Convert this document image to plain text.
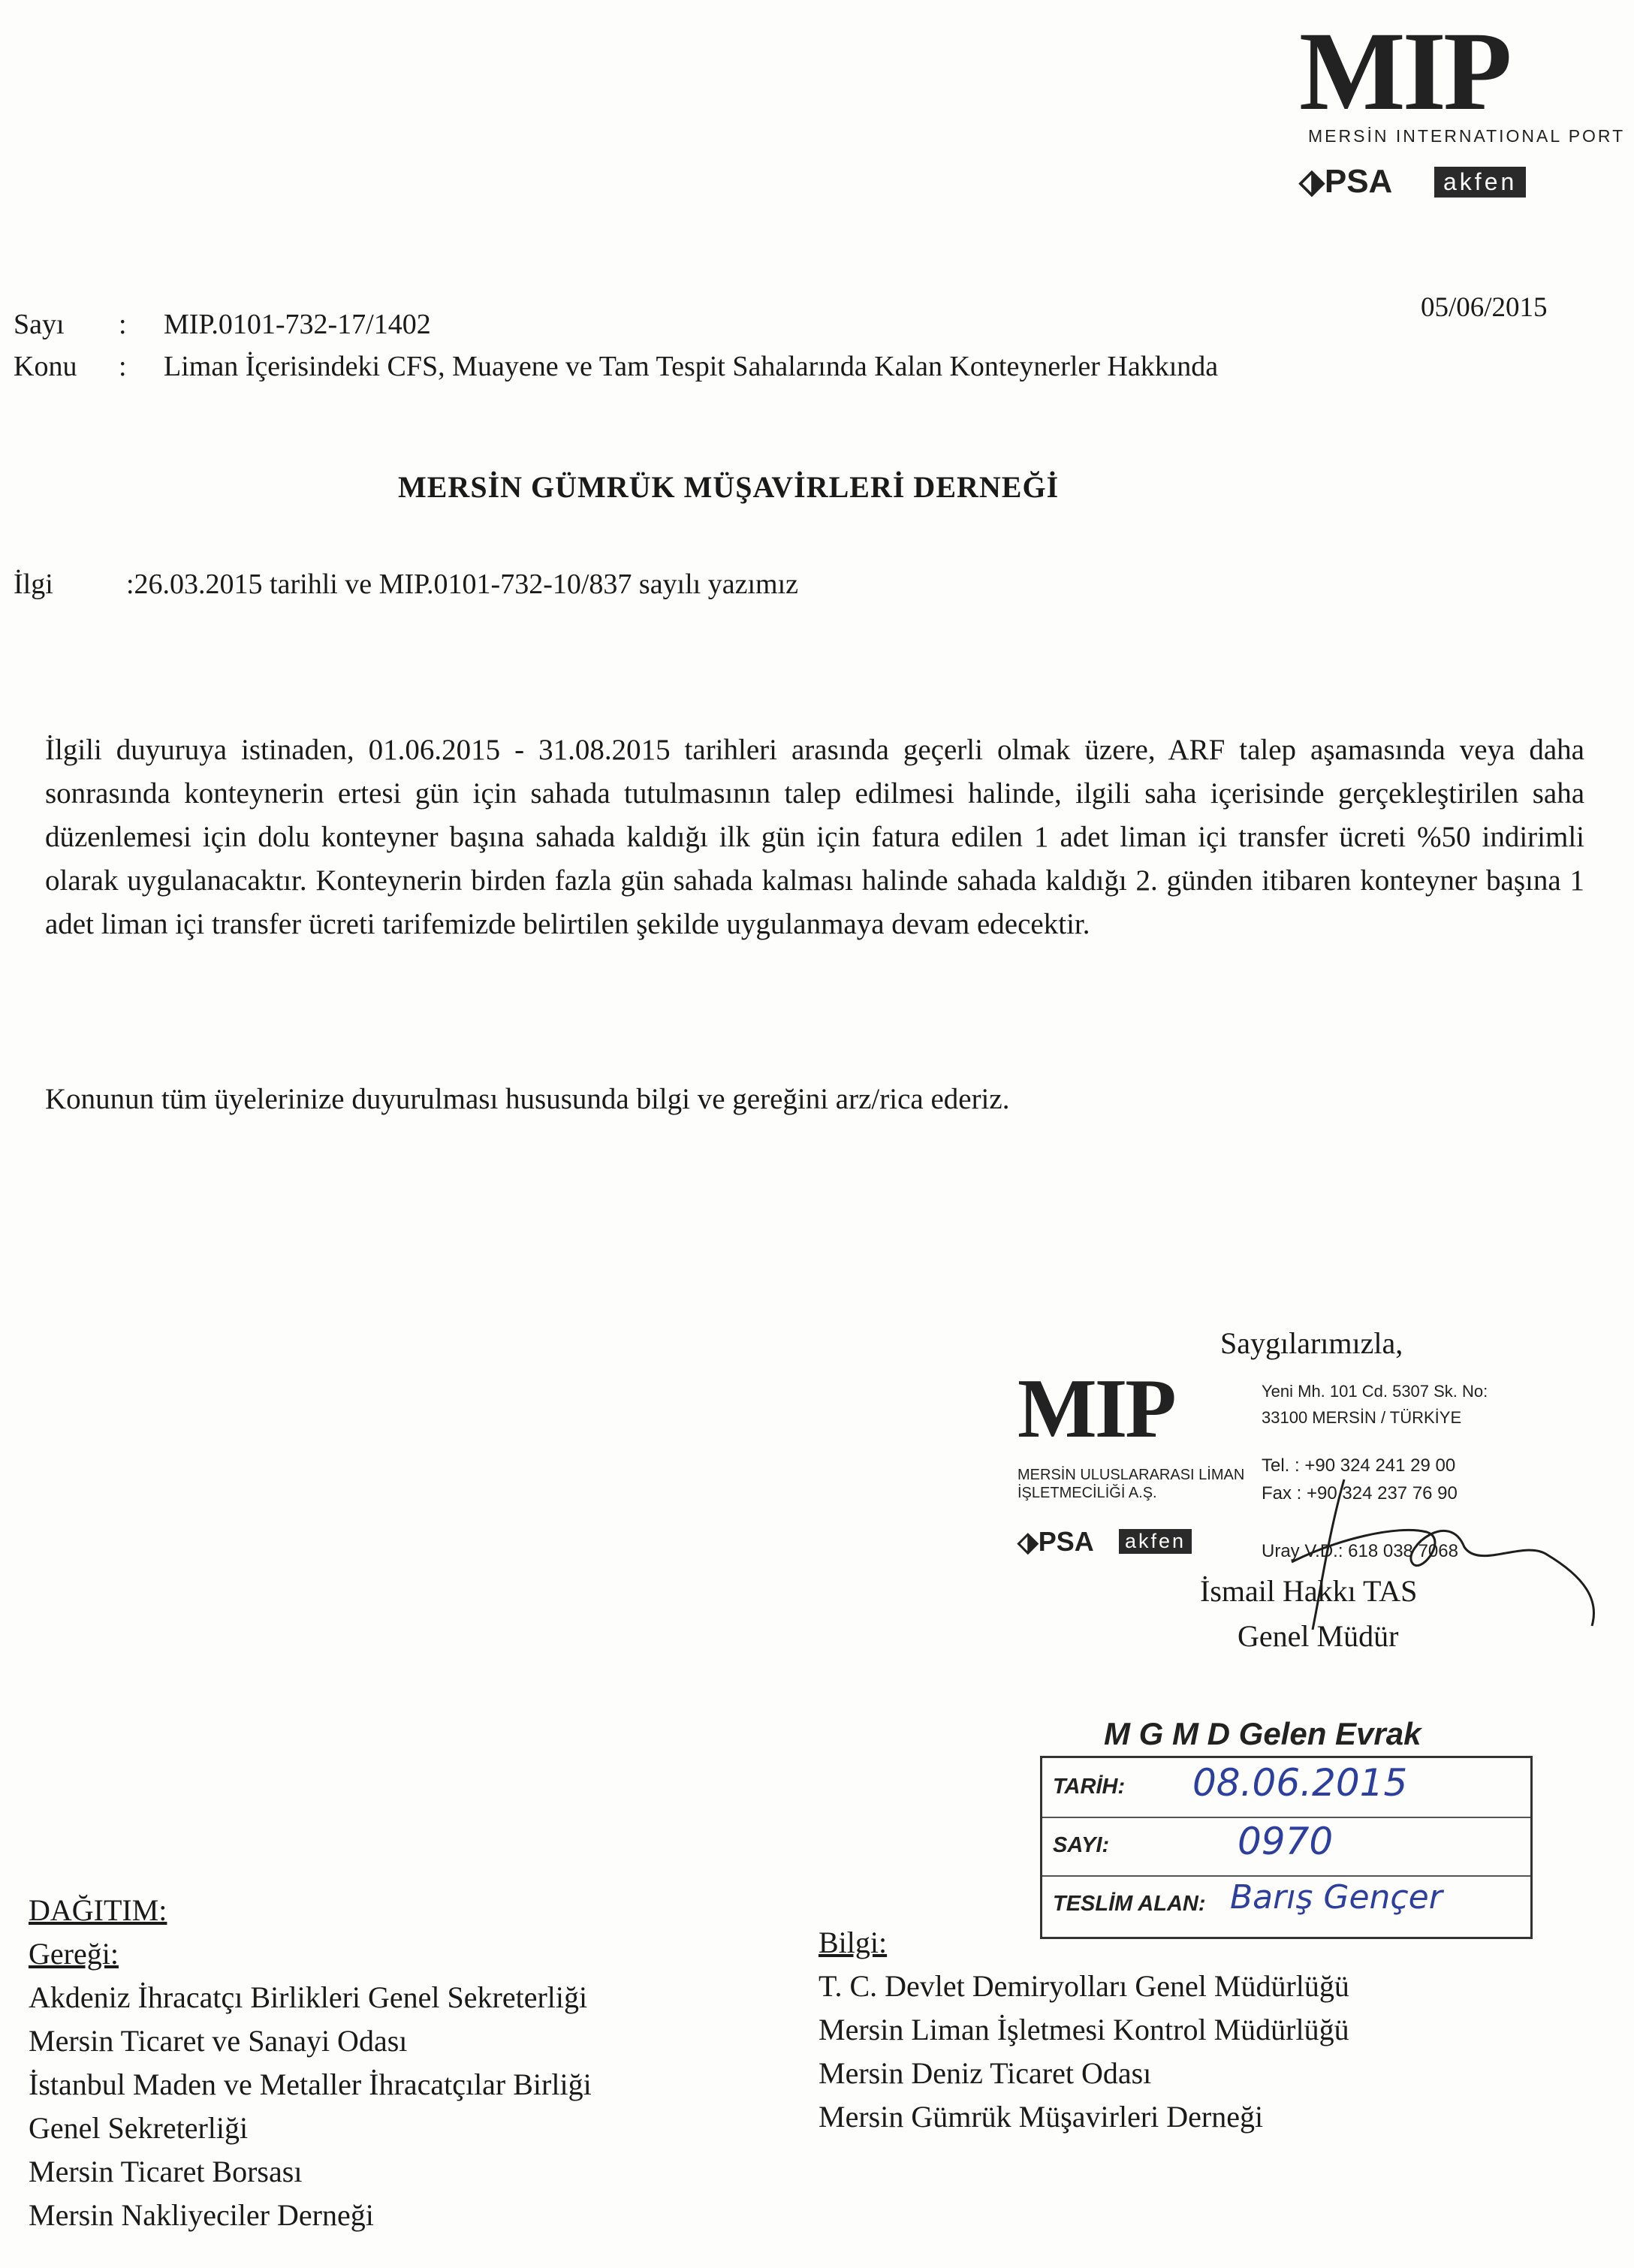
MIP
MERSİN INTERNATIONAL PORT
⬗PSA	akfen
Sayı : MIP.0101-732-17/1402
05/06/2015
Konu : Liman İçerisindeki CFS, Muayene ve Tam Tespit Sahalarında Kalan Konteynerler Hakkında
MERSİN GÜMRÜK MÜŞAVİRLERİ DERNEĞİ
İlgi	:26.03.2015 tarihli ve MIP.0101-732-10/837 sayılı yazımız
İlgili duyuruya istinaden, 01.06.2015 - 31.08.2015 tarihleri arasında geçerli olmak üzere, ARF talep aşamasında veya daha sonrasında konteynerin ertesi gün için sahada tutulmasının talep edilmesi halinde, ilgili saha içerisinde gerçekleştirilen saha düzenlemesi için dolu konteyner başına sahada kaldığı ilk gün için fatura edilen 1 adet liman içi transfer ücreti %50 indirimli olarak uygulanacaktır. Konteynerin birden fazla gün sahada kalması halinde sahada kaldığı 2. günden itibaren konteyner başına 1 adet liman içi transfer ücreti tarifemizde belirtilen şekilde uygulanmaya devam edecektir.
Konunun tüm üyelerinize duyurulması hususunda bilgi ve gereğini arz/rica ederiz.
Saygılarımızla,
MIP
MERSİN ULUSLARARASI LİMAN
İŞLETMECİLİĞİ A.Ş.
⬗PSA akfen
Yeni Mh. 101 Cd. 5307 Sk. No:
33100 MERSİN / TÜRKİYE
Tel. : +90 324 241 29 00
Fax : +90 324 237 76 90
Uray V.D.: 618 038 7068
İsmail Hakkı TAS
Genel Müdür
M G M D Gelen Evrak
TARİH: 08.06.2015
SAYI:	0970
TESLİM ALAN: Barış Gençer
DAĞITIM:
Gereği:
Akdeniz İhracatçı Birlikleri Genel Sekreterliği
Mersin Ticaret ve Sanayi Odası
İstanbul Maden ve Metaller İhracatçılar Birliği
Genel Sekreterliği
Mersin Ticaret Borsası
Mersin Nakliyeciler Derneği
Bilgi:
T. C. Devlet Demiryolları Genel Müdürlüğü
Mersin Liman İşletmesi Kontrol Müdürlüğü
Mersin Deniz Ticaret Odası
Mersin Gümrük Müşavirleri Derneği
